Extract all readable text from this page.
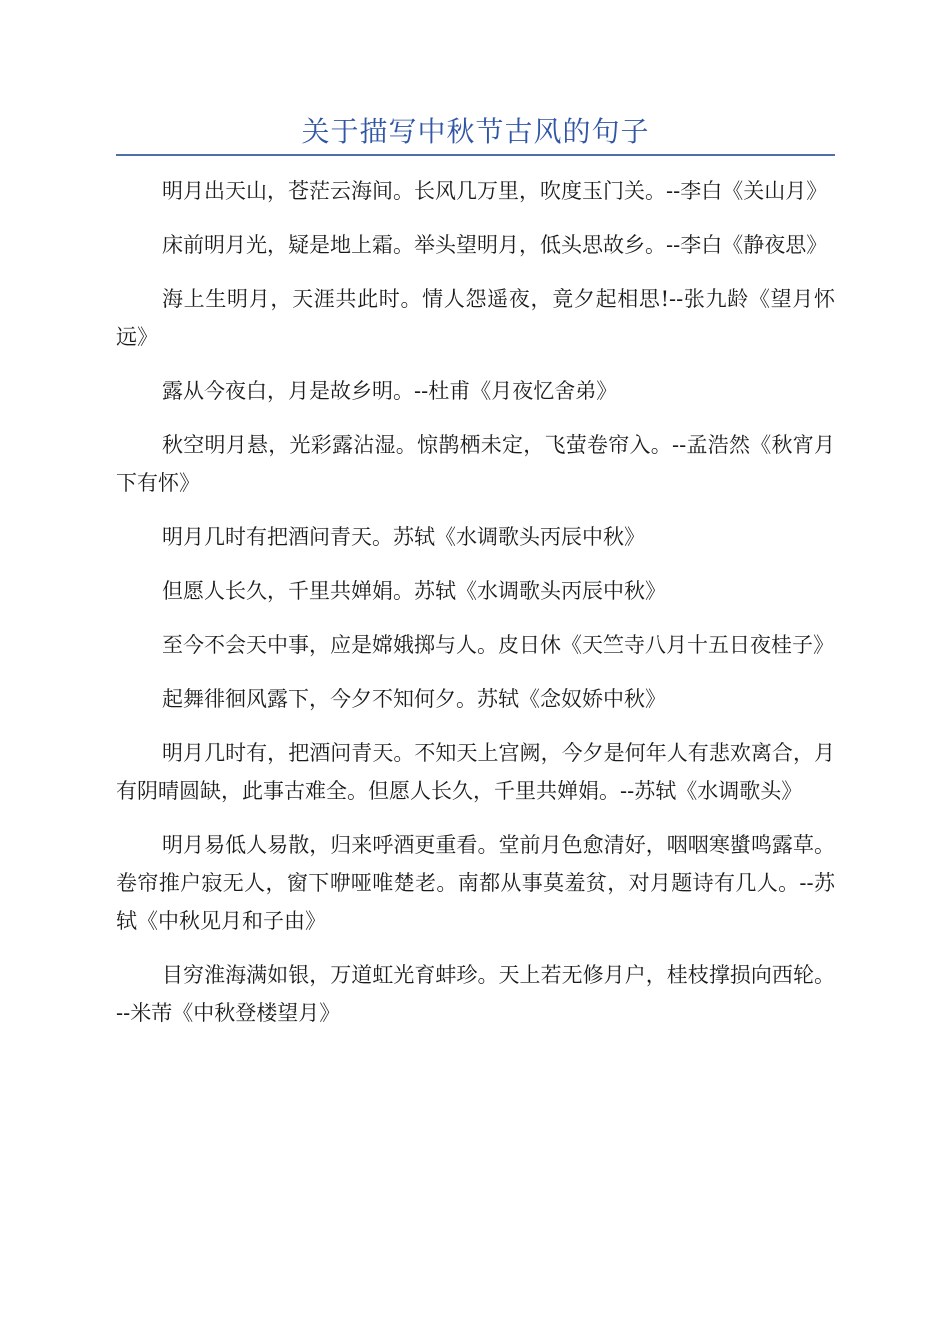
关于描写中秋节古风的句子

明月出天山，苍茫云海间。长风几万里，吹度玉门关。--李白《关山月》

床前明月光，疑是地上霜。举头望明月，低头思故乡。--李白《静夜思》

海上生明月，天涯共此时。情人怨遥夜，竟夕起相思!--张九龄《望月怀远》

露从今夜白，月是故乡明。--杜甫《月夜忆舍弟》

秋空明月悬，光彩露沾湿。惊鹊栖未定，飞萤卷帘入。--孟浩然《秋宵月下有怀》

明月几时有把酒问青天。苏轼《水调歌头丙辰中秋》

但愿人长久，千里共婵娟。苏轼《水调歌头丙辰中秋》

至今不会天中事，应是嫦娥掷与人。皮日休《天竺寺八月十五日夜桂子》

起舞徘徊风露下，今夕不知何夕。苏轼《念奴娇中秋》

明月几时有，把酒问青天。不知天上宫阙，今夕是何年人有悲欢离合，月有阴晴圆缺，此事古难全。但愿人长久，千里共婵娟。--苏轼《水调歌头》

明月易低人易散，归来呼酒更重看。堂前月色愈清好，咽咽寒螿鸣露草。卷帘推户寂无人，窗下咿哑唯楚老。南都从事莫羞贫，对月题诗有几人。--苏轼《中秋见月和子由》

目穷淮海满如银，万道虹光育蚌珍。天上若无修月户，桂枝撑损向西轮。--米芾《中秋登楼望月》
